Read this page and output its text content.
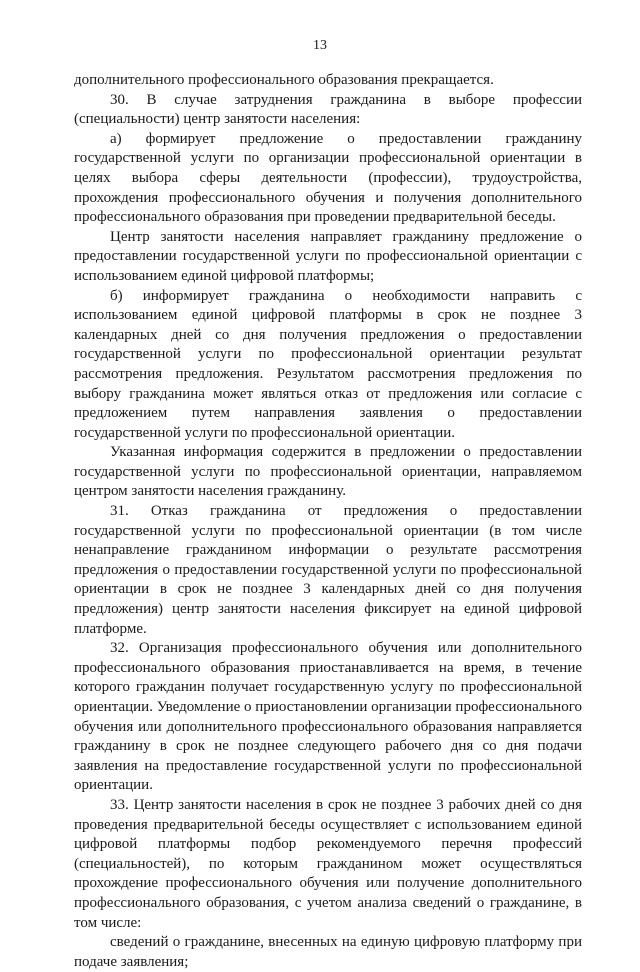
13

дополнительного профессионального образования прекращается.

30. В случае затруднения гражданина в выборе профессии (специальности) центр занятости населения:

а) формирует предложение о предоставлении гражданину государственной услуги по организации профессиональной ориентации в целях выбора сферы деятельности (профессии), трудоустройства, прохождения профессионального обучения и получения дополнительного профессионального образования при проведении предварительной беседы.

Центр занятости населения направляет гражданину предложение о предоставлении государственной услуги по профессиональной ориентации с использованием единой цифровой платформы;

б) информирует гражданина о необходимости направить с использованием единой цифровой платформы в срок не позднее 3 календарных дней со дня получения предложения о предоставлении государственной услуги по профессиональной ориентации результат рассмотрения предложения. Результатом рассмотрения предложения по выбору гражданина может являться отказ от предложения или согласие с предложением путем направления заявления о предоставлении государственной услуги по профессиональной ориентации.

Указанная информация содержится в предложении о предоставлении государственной услуги по профессиональной ориентации, направляемом центром занятости населения гражданину.

31. Отказ гражданина от предложения о предоставлении государственной услуги по профессиональной ориентации (в том числе ненаправление гражданином информации о результате рассмотрения предложения о предоставлении государственной услуги по профессиональной ориентации в срок не позднее 3 календарных дней со дня получения предложения) центр занятости населения фиксирует на единой цифровой платформе.

32. Организация профессионального обучения или дополнительного профессионального образования приостанавливается на время, в течение которого гражданин получает государственную услугу по профессиональной ориентации. Уведомление о приостановлении организации профессионального обучения или дополнительного профессионального образования направляется гражданину в срок не позднее следующего рабочего дня со дня подачи заявления на предоставление государственной услуги по профессиональной ориентации.

33. Центр занятости населения в срок не позднее 3 рабочих дней со дня проведения предварительной беседы осуществляет с использованием единой цифровой платформы подбор рекомендуемого перечня профессий (специальностей), по которым гражданином может осуществляться прохождение профессионального обучения или получение дополнительного профессионального образования, с учетом анализа сведений о гражданине, в том числе:

сведений о гражданине, внесенных на единую цифровую платформу при подаче заявления;
